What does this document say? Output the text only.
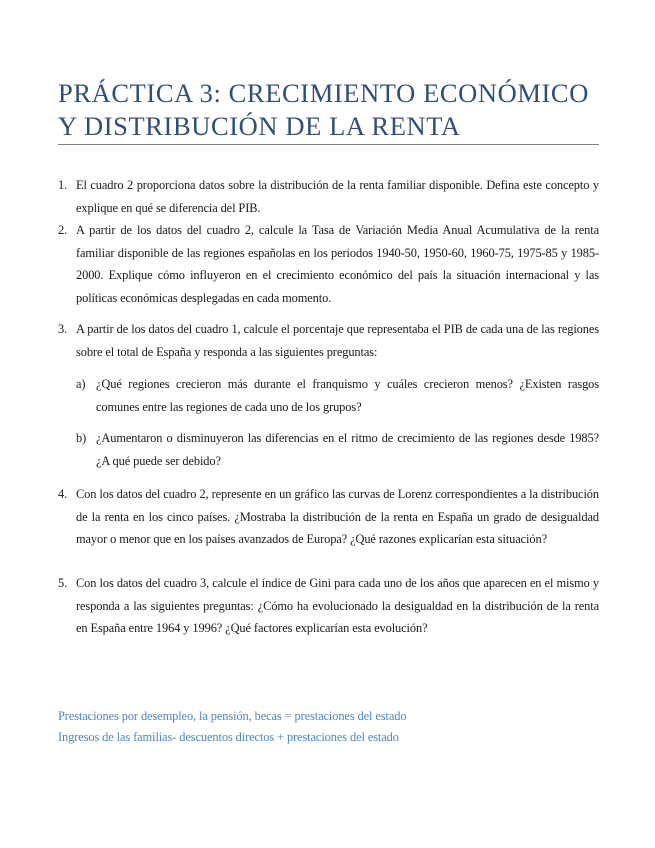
PRÁCTICA 3: CRECIMIENTO ECONÓMICO Y DISTRIBUCIÓN DE LA RENTA
1. El cuadro 2 proporciona datos sobre la distribución de la renta familiar disponible. Defina este concepto y explique en qué se diferencia del PIB.
2. A partir de los datos del cuadro 2, calcule la Tasa de Variación Media Anual Acumulativa de la renta familiar disponible de las regiones españolas en los periodos 1940-50, 1950-60, 1960-75, 1975-85 y 1985-2000. Explique cómo influyeron en el crecimiento económico del país la situación internacional y las políticas económicas desplegadas en cada momento.
3. A partir de los datos del cuadro 1, calcule el porcentaje que representaba el PIB de cada una de las regiones sobre el total de España y responda a las siguientes preguntas:
a) ¿Qué regiones crecieron más durante el franquismo y cuáles crecieron menos? ¿Existen rasgos comunes entre las regiones de cada uno de los grupos?
b) ¿Aumentaron o disminuyeron las diferencias en el ritmo de crecimiento de las regiones desde 1985? ¿A qué puede ser debido?
4. Con los datos del cuadro 2, represente en un gráfico las curvas de Lorenz correspondientes a la distribución de la renta en los cinco países. ¿Mostraba la distribución de la renta en España un grado de desigualdad mayor o menor que en los países avanzados de Europa? ¿Qué razones explicarían esta situación?
5. Con los datos del cuadro 3, calcule el índice de Gini para cada uno de los años que aparecen en el mismo y responda a las siguientes preguntas: ¿Cómo ha evolucionado la desigualdad en la distribución de la renta en España entre 1964 y 1996? ¿Qué factores explicarían esta evolución?
Prestaciones por desempleo, la pensión, becas = prestaciones del estado
Ingresos de las familias- descuentos directos + prestaciones del estado
